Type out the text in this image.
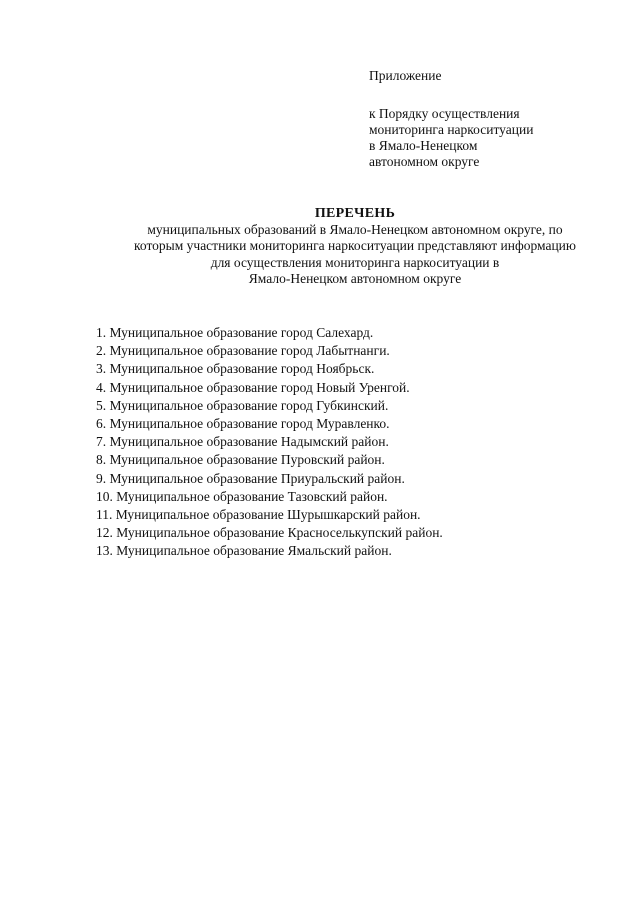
Приложение
к Порядку осуществления
мониторинга наркоситуации
в Ямало-Ненецком
автономном округе
ПЕРЕЧЕНЬ
муниципальных образований в Ямало-Ненецком автономном округе, по
которым участники мониторинга наркоситуации представляют информацию
для осуществления мониторинга наркоситуации в
Ямало-Ненецком автономном округе
1. Муниципальное образование город Салехард.
2. Муниципальное образование город Лабытнанги.
3. Муниципальное образование город Ноябрьск.
4. Муниципальное образование город Новый Уренгой.
5. Муниципальное образование город Губкинский.
6. Муниципальное образование город Муравленко.
7. Муниципальное образование Надымский район.
8. Муниципальное образование Пуровский район.
9. Муниципальное образование Приуральский район.
10. Муниципальное образование Тазовский район.
11. Муниципальное образование Шурышкарский район.
12. Муниципальное образование Красноселькупский район.
13. Муниципальное образование Ямальский район.
